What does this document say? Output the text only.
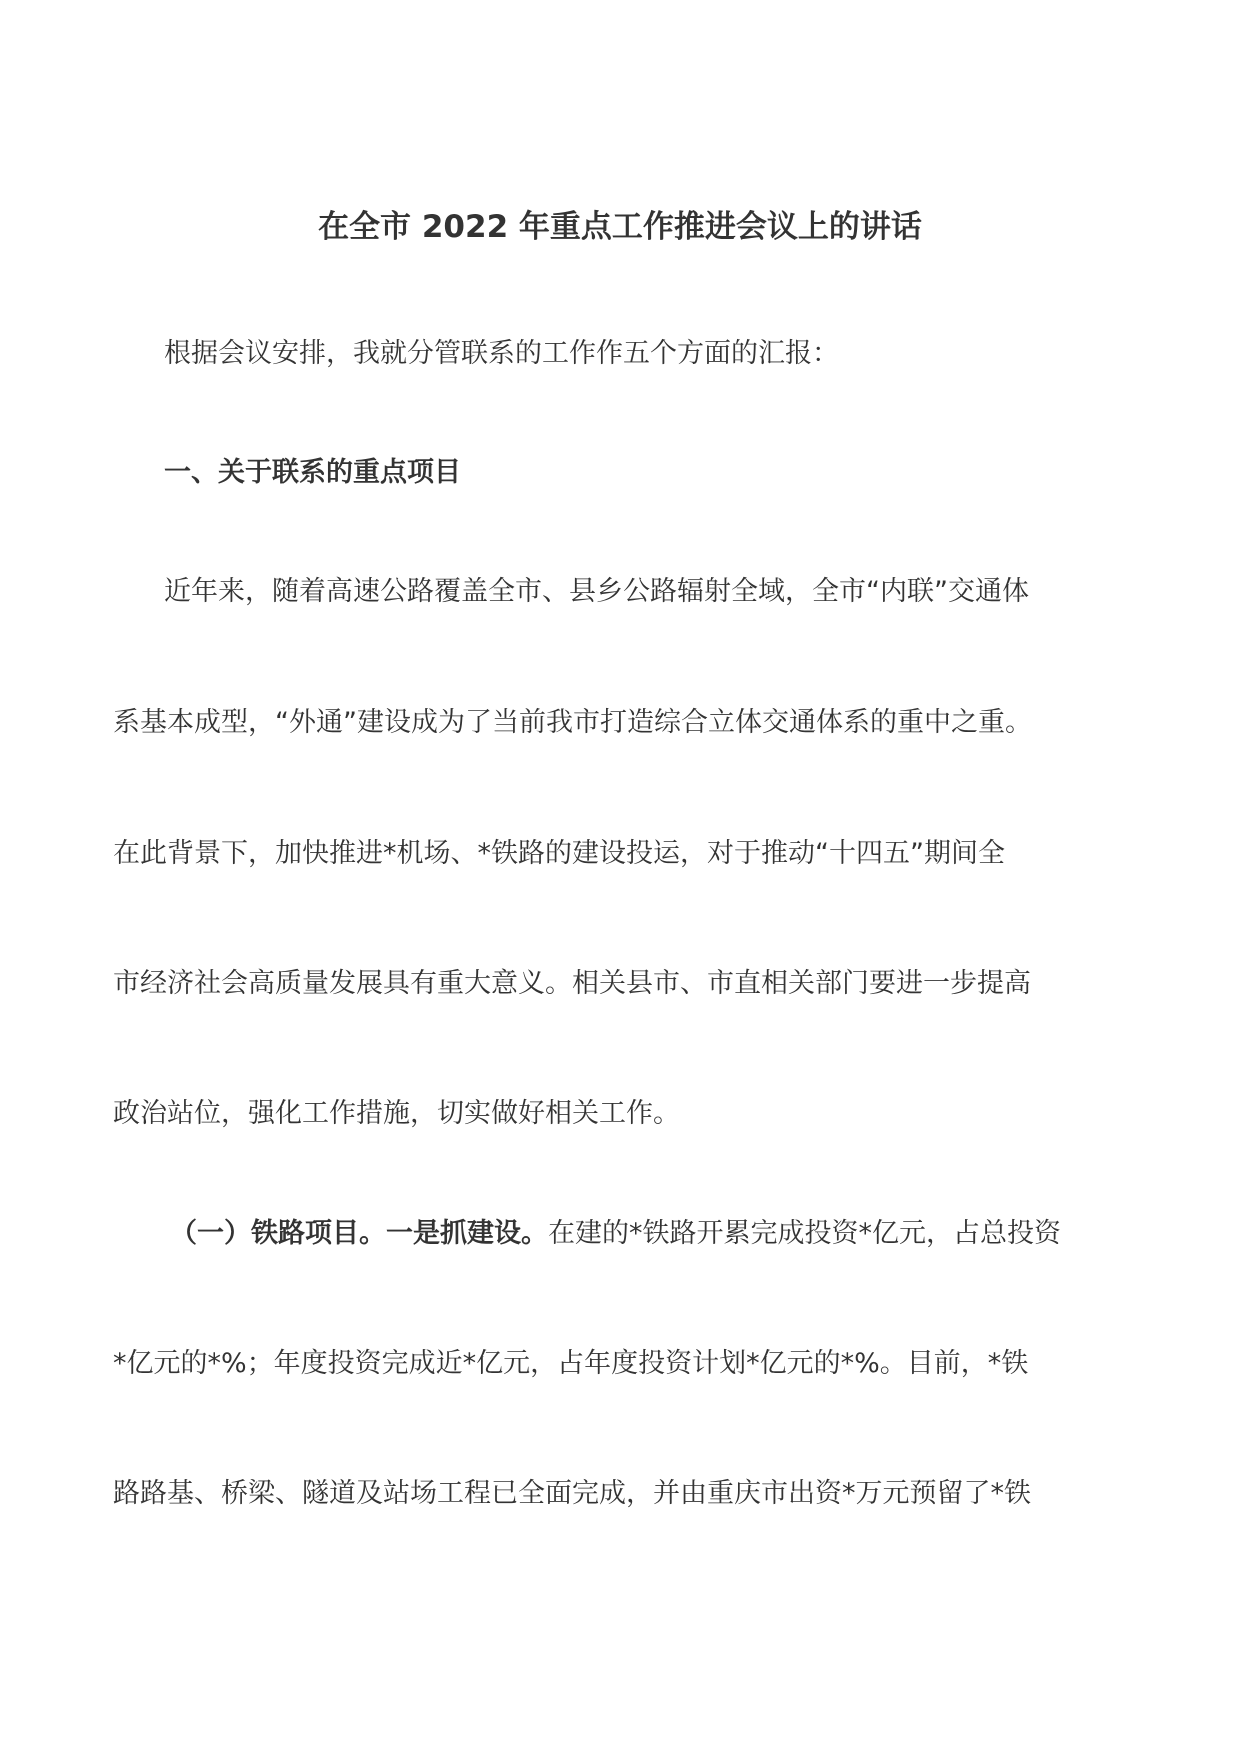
在全市 2022 年重点工作推进会议上的讲话
根据会议安排，我就分管联系的工作作五个方面的汇报：
一、关于联系的重点项目
近年来，随着高速公路覆盖全市、县乡公路辐射全域，全市“内联”交通体
系基本成型，“外通”建设成为了当前我市打造综合立体交通体系的重中之重。
在此背景下，加快推进*机场、*铁路的建设投运，对于推动“十四五”期间全
市经济社会高质量发展具有重大意义。相关县市、市直相关部门要进一步提高
政治站位，强化工作措施，切实做好相关工作。
（一）铁路项目。一是抓建设。在建的*铁路开累完成投资*亿元，占总投资
*亿元的*%；年度投资完成近*亿元，占年度投资计划*亿元的*%。目前，*铁
路路基、桥梁、隧道及站场工程已全面完成，并由重庆市出资*万元预留了*铁
